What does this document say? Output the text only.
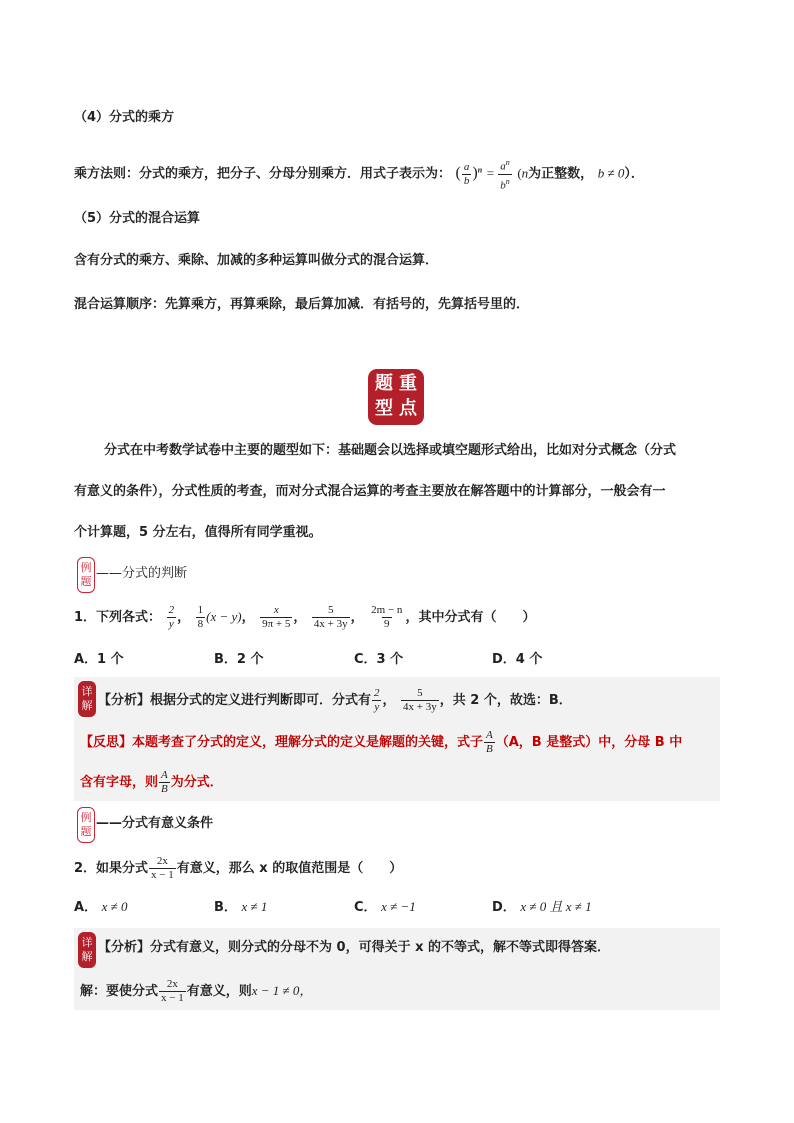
（4）分式的乘方
乘方法则：分式的乘方，把分子、分母分别乘方．用式子表示为： ( $\frac{a}{b} )^n = \frac{a^n}{b^n} (n$为正整数， b ≠ 0）．
（5）分式的混合运算
含有分式的乘方、乘除、加减的多种运算叫做分式的混合运算．
混合运算顺序：先算乘方，再算乘除，最后算加减．有括号的，先算括号里的．
题 重
型 点
分式在中考数学试卷中主要的题型如下：基础题会以选择或填空题形式给出，比如对分式概念（分式
有意义的条件），分式性质的考查，而对分式混合运算的考查主要放在解答题中的计算部分，一般会有一
个计算题，5 分左右，值得所有同学重视。
例
题
——分式的判断
1．下列各式： $\frac{2}{y}$ ， $\frac{1}{8} (x - y)$， $\frac{x}{9\pi + 5}$ ， $\frac{5}{4x + 3y}$ ， $\frac{2m - n}{9}$ ，其中分式有（　　）
A．1 个	B．2 个	C．3 个	D．4 个
详
解 【分析】根据分式的定义进行判断即可．分式有 $\frac{2}{y}$ ， $\frac{5}{4x + 3y}$ ，共 2 个，故选：B．
【反思】本题考查了分式的定义，理解分式的定义是解题的关键，式子 $\frac{A}{B} (A$，B 是整式）中，分母 B 中
含有字母，则 $\frac{A}{B}$ 为分式．
例
题
——分式有意义条件
2．如果分式 $\frac{2x}{x - 1}$ 有意义，那么 x 的取值范围是（　　）
A． x ≠ 0	B． x ≠ 1	C． x ≠ −1	D． x ≠ 0 且 x ≠ 1
详
解
【分析】分式有意义，则分式的分母不为 0，可得关于 x 的不等式，解不等式即得答案．
解：要使分式 $\frac{2x}{x - 1}$ 有意义，则x − 1 ≠ 0，
